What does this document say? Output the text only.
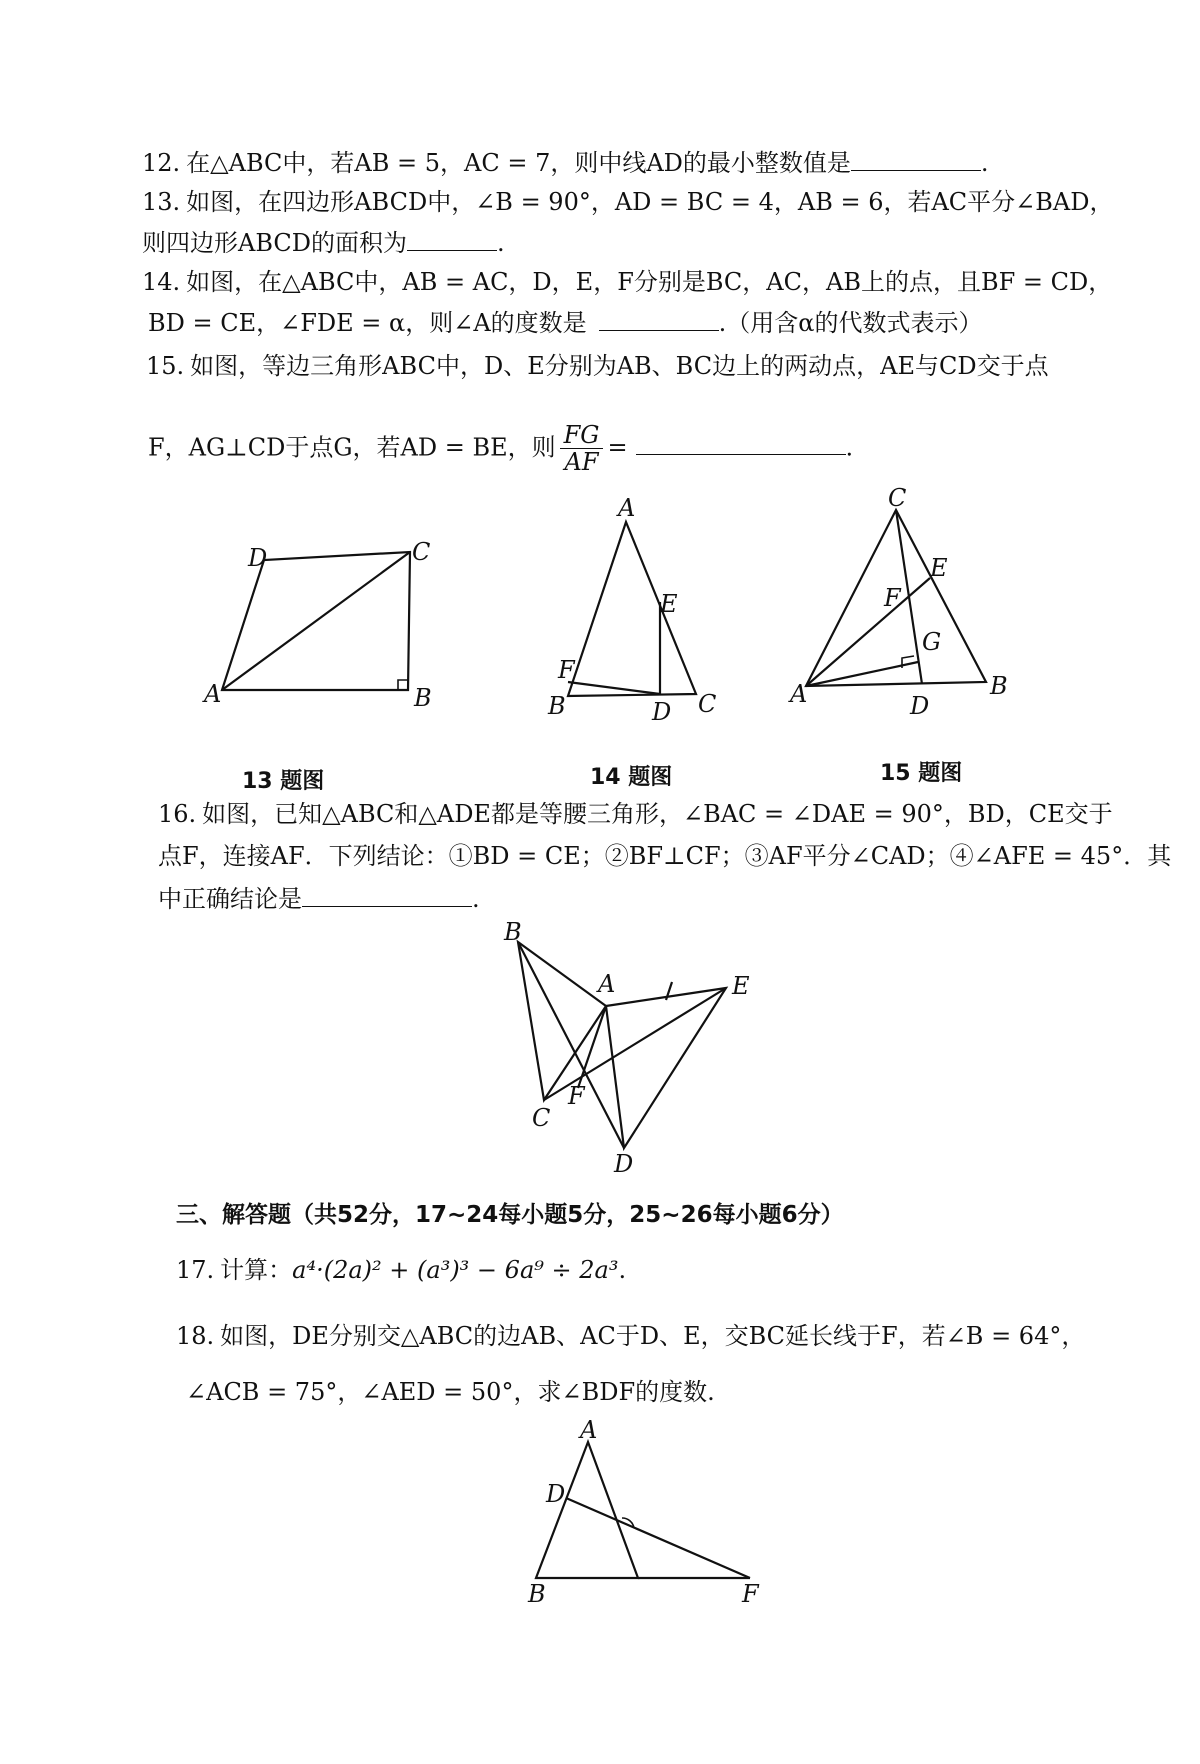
12. 在△ABC中，若AB = 5，AC = 7，则中线AD的最小整数值是	.
13. 如图，在四边形ABCD中，∠B = 90°，AD = BC = 4，AB = 6，若AC平分∠BAD，
则四边形ABCD的面积为	.
14. 如图，在△ABC中，AB = AC，D，E，F分别是BC，AC，AB上的点，且BF = CD，
BD = CE，∠FDE = α，则∠A的度数是	.（用含α的代数式表示）
15. 如图，等边三角形ABC中，D、E分别为AB、BC边上的两动点，AE与CD交于点
F，AG⊥CD于点G，若AD = BE，则 $\frac{FG}{AF}$ =	.
A	B
C
D
A
B	C
D
E
F
C
A	B
D
E
F
G
13 题图	14 题图	15 题图
16. 如图，已知△ABC和△ADE都是等腰三角形，∠BAC = ∠DAE = 90°，BD，CE交于
点F，连接AF．下列结论：①BD = CE；②BF⊥CF；③AF平分∠CAD；④∠AFE = 45°．其
中正确结论是	.
B
A	E
C
F
D
三、解答题（共52分，17~24每小题5分，25~26每小题6分）
17. 计算：a⁴·(2a)² + (a³)³ − 6a⁹ ÷ 2a³.
18. 如图，DE分别交△ABC的边AB、AC于D、E，交BC延长线于F，若∠B = 64°，
∠ACB = 75°，∠AED = 50°，求∠BDF的度数.
A
B
D
F
